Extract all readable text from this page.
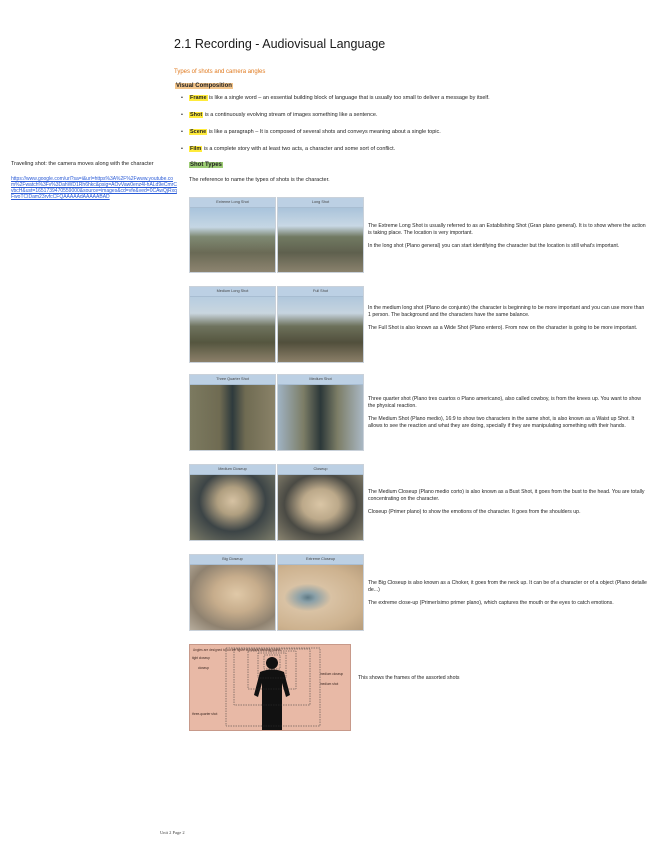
2.1 Recording - Audiovisual Language
Types of shots and camera angles
Visual Composition
• Frame is like a single word – an essential building block of language that is usually too small to deliver a message by itself.
• Shot is a continuously evolving stream of images something like a sentence.
• Scene is like a paragraph – It is composed of several shots and conveys meaning about a single topic.
• Film is a complete story with at least two acts, a character and some sort of conflict.
Traveling shot: the camera moves along with the character
https://www.google.com/url?sa=i&url=https%3A%2F%2Fwww.youtube.com%2Fwatch%3Fv%3DahWD1Rh6hkc&psig=AOvVaw0enz4l-hALd9eCmrCvbcH&ust=1651739470559000&source=images&cd=vfe&ved=0CAwQjRxqFwoTCIDam23rvfcCFQAAAAAdAAAAABAD
Shot Types
The reference to name the types of shots is the character.
Extreme Long Shot	Long Shot

The Extreme Long Shot is usually referred to as an Establishing Shot (Gran plano general). It is to show where the action is taking place. The location is very important.

In the long shot (Plano general) you can start identifying the character but the location is still what's important.

Medium Long Shot	Full Shot

In the medium long shot (Plano de conjunto) the character is beginning to be more important and you can use more than 1 person. The background and the characters have the same balance.

The Full Shot is also known as a Wide Shot (Plano entero). From now on the character is going to be more important.

Three Quarter Shot	Medium Shot

Three quarter shot (Plano tres cuartos o Plano americano), also called cowboy, is from the knees up. You want to show the physical reaction.

The Medium Shot (Plano medio), 16:9 to show two characters in the same shot, is also known as a Waist up Shot. It allows to see the reaction and what they are doing, specially if they are manipulating something with their hands.

Medium Closeup	Closeup

The Medium Closeup (Plano medio corto) is also known as a Bust Shot, it goes from the bust to the head. You are totally concentrating on the character.

Closeup (Primer plano) to show the emotions of the character. It goes from the shoulders up.

Big Closeup	Extreme Closeup

The Big Closeup is also known as a Choker, it goes from the neck up. It can be of a character or of a object (Plano detalle de...)

The extreme close-up (Primerísimo primer plano), which captures the mouth or the eyes to catch emotions.

Angles are designed to cut the figure at natural bending points.
tight closeup
closeup
medium closeup
medium shot
three-quarter shot
This shows the frames of the assorted shots
Unit 2 Page 2
